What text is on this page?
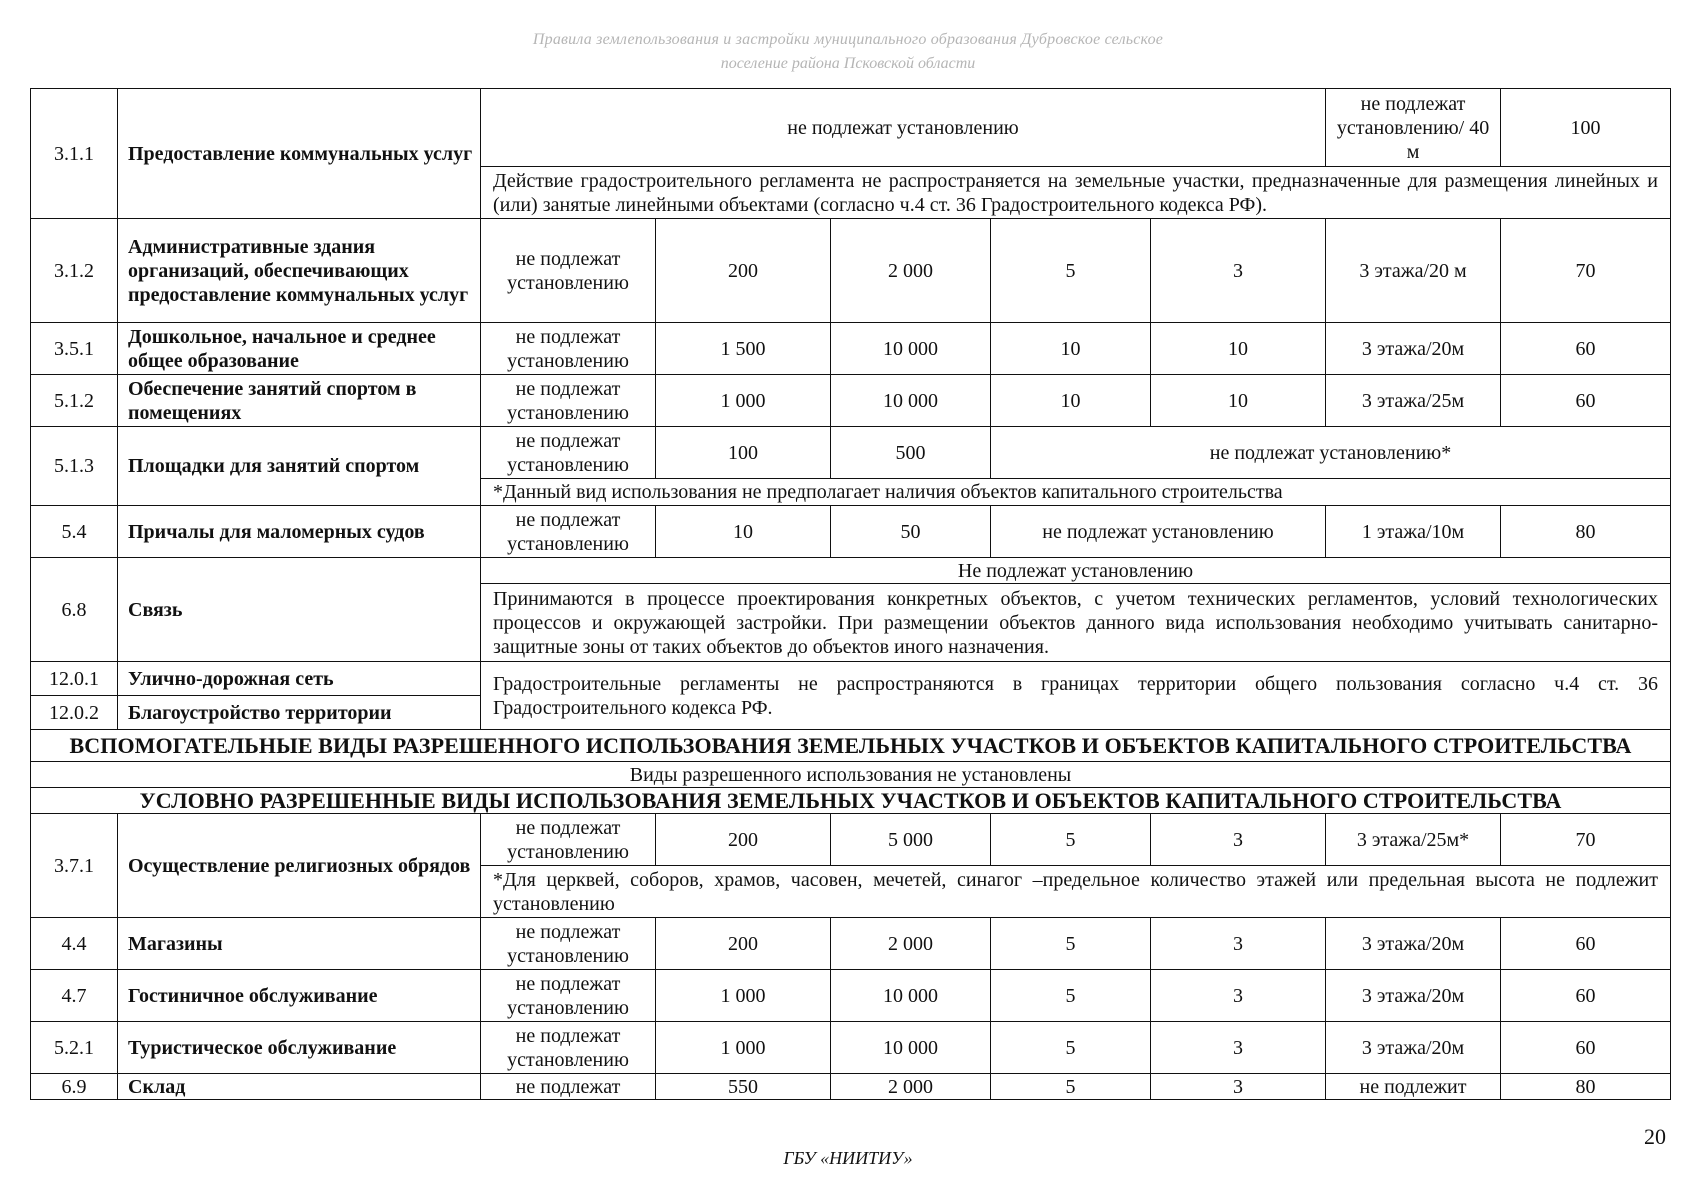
Правила землепользования и застройки муниципального образования Дубровское сельское
поселение района Псковской области
3.1.1	Предоставление коммунальных услуг	не подлежат установлению					не подлежат установлению/ 40 м	100
		Действие градостроительного регламента не распространяется на земельные участки, предназначенные для размещения линейных и (или) занятые линейными объектами (согласно ч.4 ст. 36 Градостроительного кодекса РФ).						
3.1.2	Административные здания организаций, обеспечивающих предоставление коммунальных услуг	не подлежат установлению	200	2 000	5	3	3 этажа/20 м	70
3.5.1	Дошкольное, начальное и среднее общее образование	не подлежат установлению	1 500	10 000	10	10	3 этажа/20м	60
5.1.2	Обеспечение занятий спортом в помещениях	не подлежат установлению	1 000	10 000	10	10	3 этажа/25м	60
5.1.3	Площадки для занятий спортом	не подлежат установлению	100	500	не подлежат установлению*			
		*Данный вид использования не предполагает наличия объектов капитального строительства						
5.4	Причалы для маломерных судов	не подлежат установлению	10	50	не подлежат установлению		1 этажа/10м	80
6.8	Связь	Не подлежат установлению						
		Принимаются в процессе проектирования конкретных объектов, с учетом технических регламентов, условий технологических процессов и окружающей застройки. При размещении объектов данного вида использования необходимо учитывать санитарно-защитные зоны от таких объектов до объектов иного назначения.						
12.0.1	Улично-дорожная сеть	Градостроительные регламенты не распространяются в границах территории общего пользования согласно ч.4 ст. 36 Градостроительного кодекса РФ.						
12.0.2	Благоустройство территории							
ВСПОМОГАТЕЛЬНЫЕ ВИДЫ РАЗРЕШЕННОГО ИСПОЛЬЗОВАНИЯ ЗЕМЕЛЬНЫХ УЧАСТКОВ И ОБЪЕКТОВ КАПИТАЛЬНОГО СТРОИТЕЛЬСТВА								
Виды разрешенного использования не установлены								
УСЛОВНО РАЗРЕШЕННЫЕ ВИДЫ ИСПОЛЬЗОВАНИЯ ЗЕМЕЛЬНЫХ УЧАСТКОВ И ОБЪЕКТОВ КАПИТАЛЬНОГО СТРОИТЕЛЬСТВА								
3.7.1	Осуществление религиозных обрядов	не подлежат установлению	200	5 000	5	3	3 этажа/25м*	70
		*Для церквей, соборов, храмов, часовен, мечетей, синагог –предельное количество этажей или предельная высота не подлежит установлению						
4.4	Магазины	не подлежат установлению	200	2 000	5	3	3 этажа/20м	60
4.7	Гостиничное обслуживание	не подлежат установлению	1 000	10 000	5	3	3 этажа/20м	60
5.2.1	Туристическое обслуживание	не подлежат установлению	1 000	10 000	5	3	3 этажа/20м	60
6.9	Склад	не подлежат	550	2 000	5	3	не подлежит	80
20
ГБУ «НИИТИУ»
